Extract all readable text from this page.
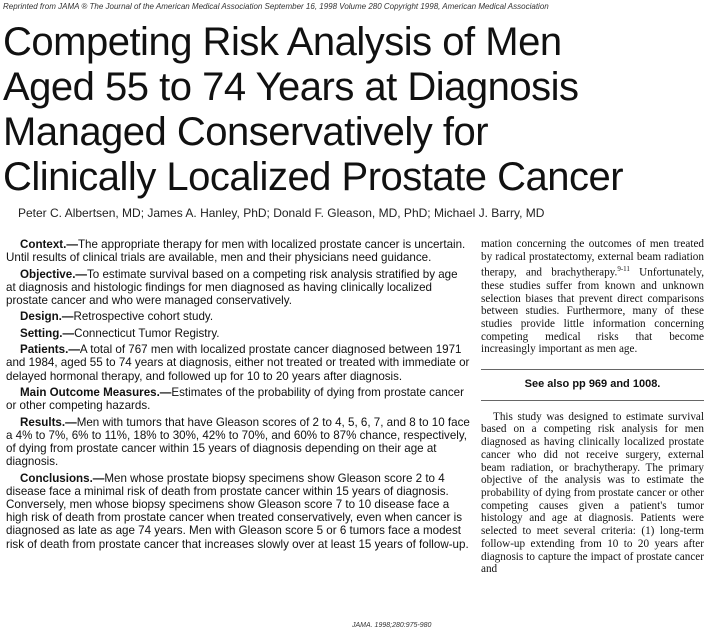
Reprinted from JAMA ® The Journal of the American Medical Association September 16, 1998 Volume 280 Copyright 1998, American Medical Association
Competing Risk Analysis of Men
Aged 55 to 74 Years at Diagnosis
Managed Conservatively for
Clinically Localized Prostate Cancer
Peter C. Albertsen, MD; James A. Hanley, PhD; Donald F. Gleason, MD, PhD; Michael J. Barry, MD

Context.—The appropriate therapy for men with localized prostate cancer is uncertain. Until results of clinical trials are available, men and their physicians need guidance.

Objective.—To estimate survival based on a competing risk analysis stratified by age at diagnosis and histologic findings for men diagnosed as having clinically localized prostate cancer and who were managed conservatively.

Design.—Retrospective cohort study.

Setting.—Connecticut Tumor Registry.

Patients.—A total of 767 men with localized prostate cancer diagnosed between 1971 and 1984, aged 55 to 74 years at diagnosis, either not treated or treated with immediate or delayed hormonal therapy, and followed up for 10 to 20 years after diagnosis.

Main Outcome Measures.—Estimates of the probability of dying from prostate cancer or other competing hazards.

Results.—Men with tumors that have Gleason scores of 2 to 4, 5, 6, 7, and 8 to 10 face a 4% to 7%, 6% to 11%, 18% to 30%, 42% to 70%, and 60% to 87% chance, respectively, of dying from prostate cancer within 15 years of diagnosis depending on their age at diagnosis.

Conclusions.—Men whose prostate biopsy specimens show Gleason score 2 to 4 disease face a minimal risk of death from prostate cancer within 15 years of diagnosis. Conversely, men whose biopsy specimens show Gleason score 7 to 10 disease face a high risk of death from prostate cancer when treated conservatively, even when cancer is diagnosed as late as age 74 years. Men with Gleason score 5 or 6 tumors face a modest risk of death from prostate cancer that increases slowly over at least 15 years of follow-up.

JAMA. 1998;280:975-980
mation concerning the outcomes of men treated by radical prostatectomy, external beam radiation therapy, and brachytherapy.$^{9-11}$ Unfortunately, these studies suffer from known and unknown selection biases that prevent direct comparisons between studies. Furthermore, many of these studies provide little information concerning competing medical risks that become increasingly important as men age.
See also pp 969 and 1008.
This study was designed to estimate survival based on a competing risk analysis for men diagnosed as having clinically localized prostate cancer who did not receive surgery, external beam radiation, or brachytherapy. The primary objective of the analysis was to estimate the probability of dying from prostate cancer or other competing causes given a patient's tumor histology and age at diagnosis. Patients were selected to meet several criteria: (1) long-term follow-up extending from 10 to 20 years after diagnosis to capture the impact of prostate cancer and
